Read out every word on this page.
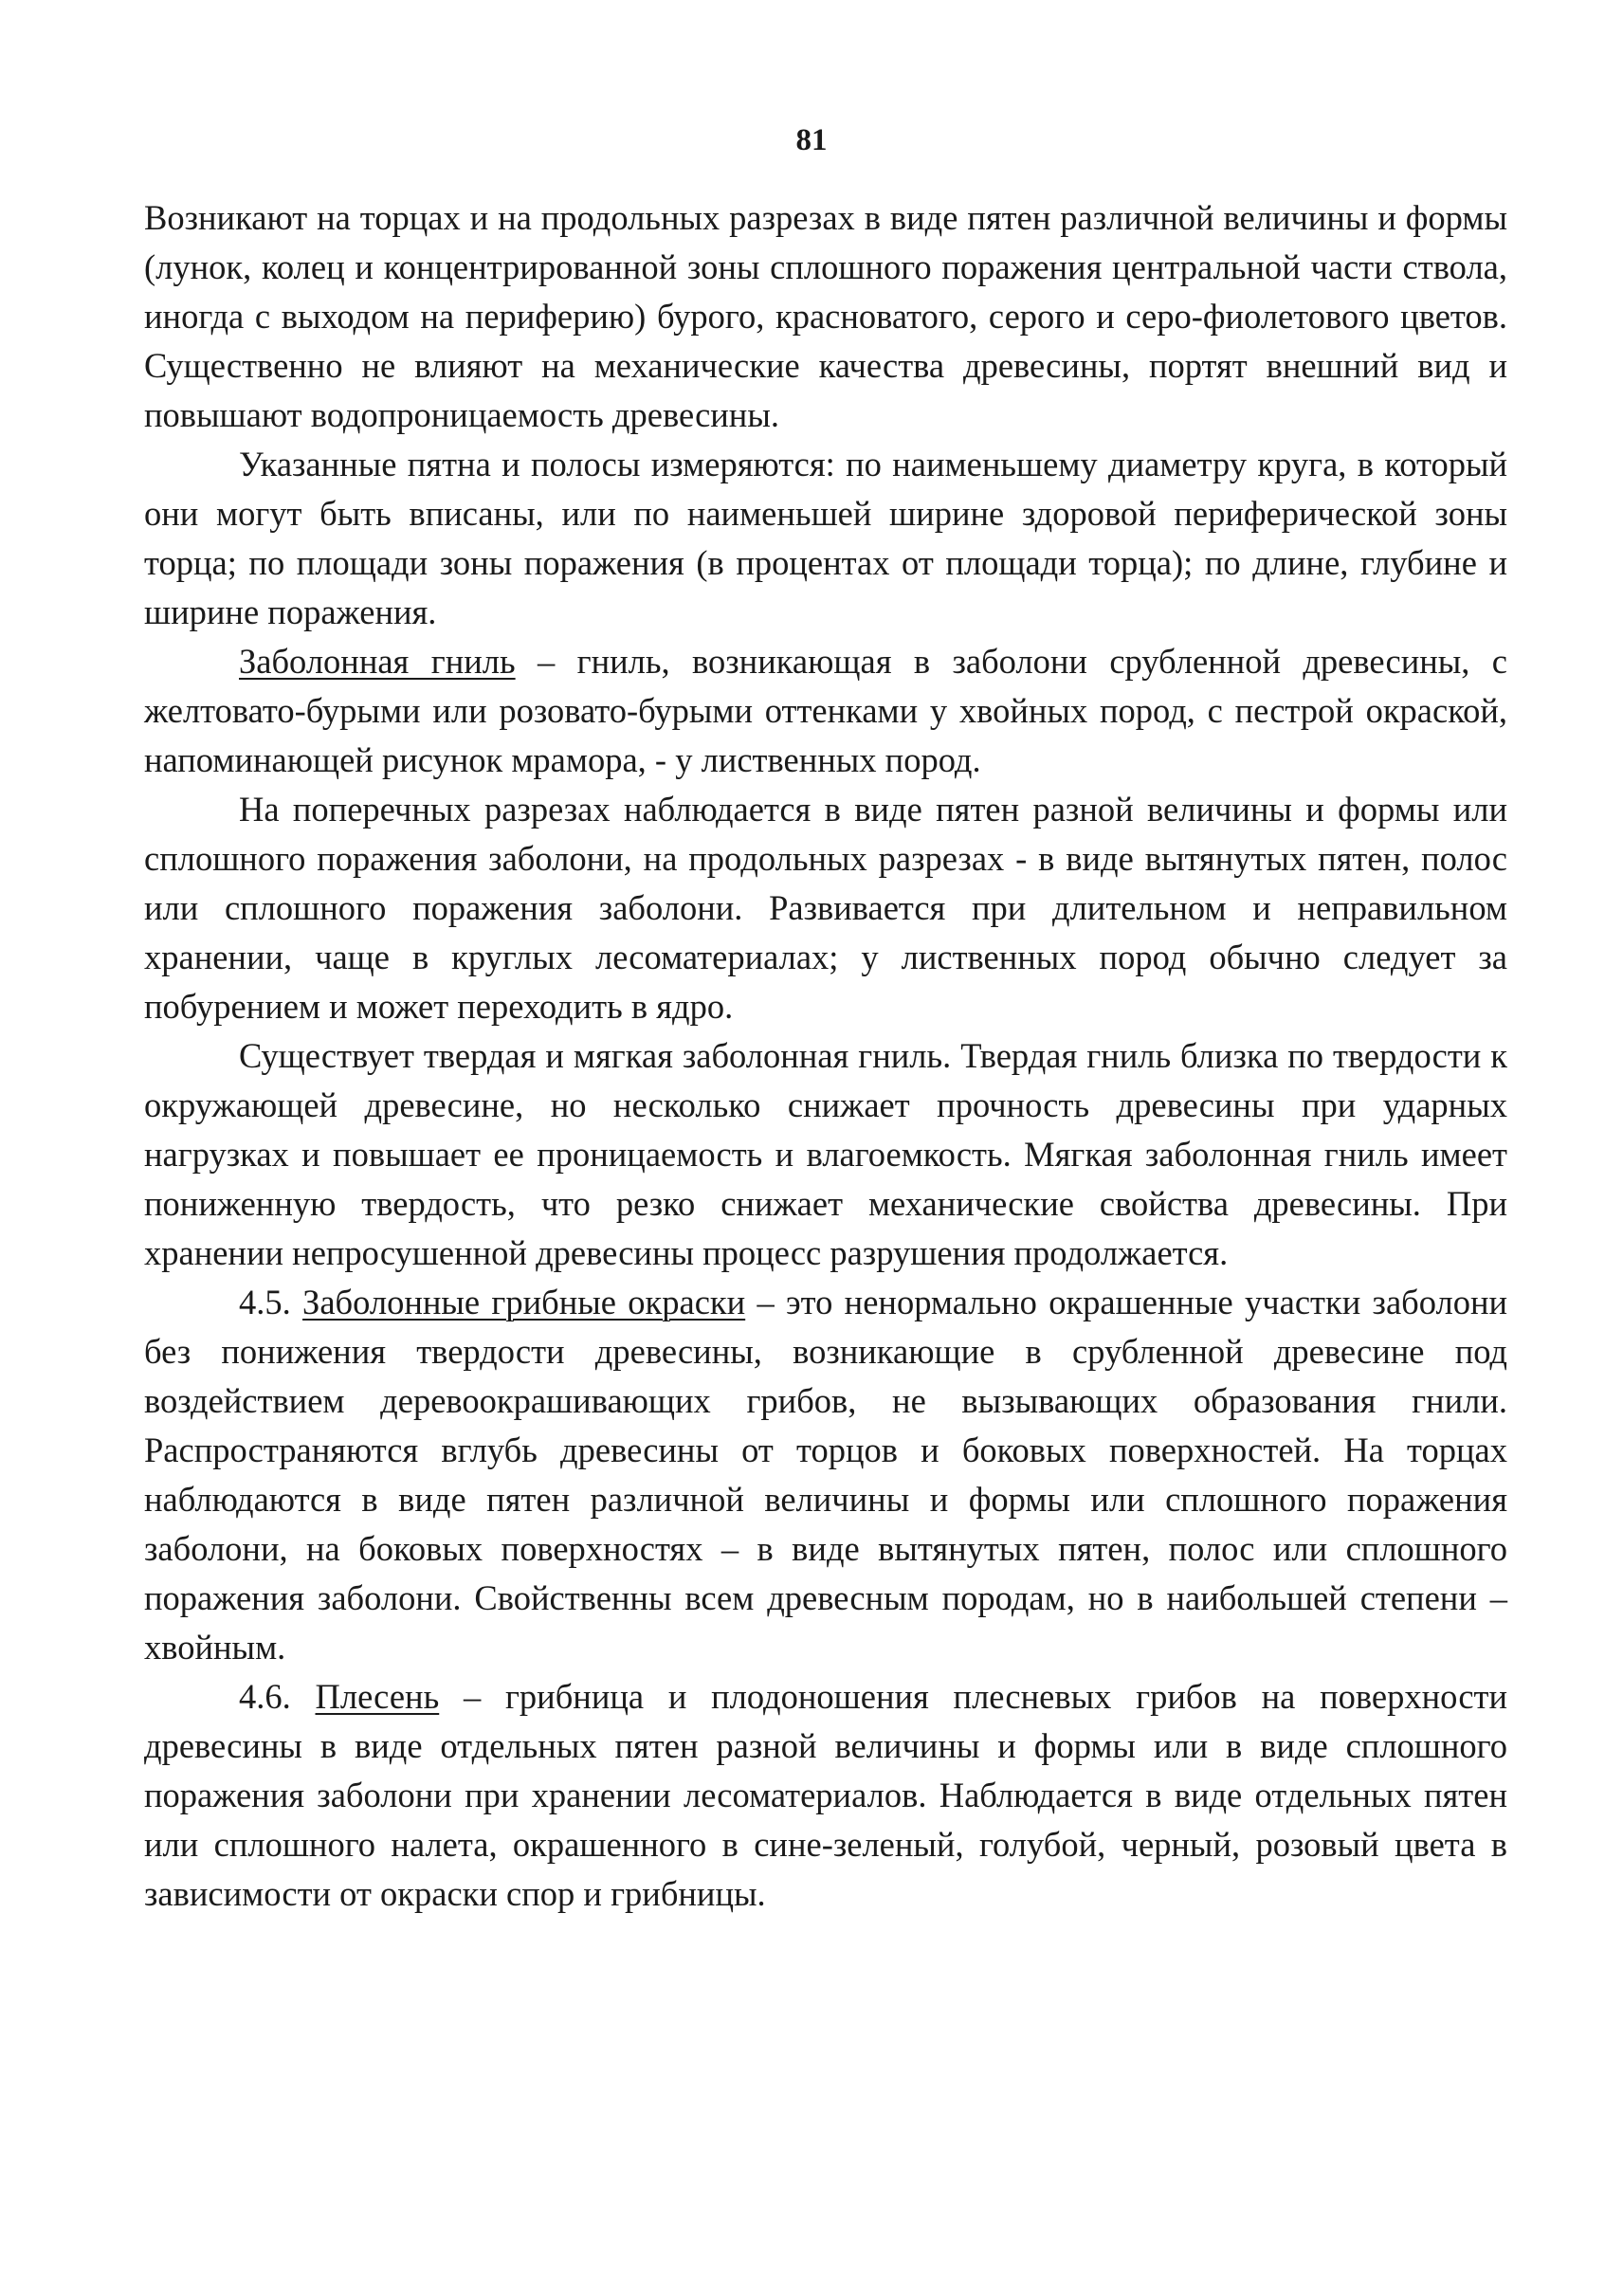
81

Возникают на торцах и на продольных разрезах в виде пятен различной величины и формы (лунок, колец и концентрированной зоны сплошного поражения центральной части ствола, иногда с выходом на периферию) бурого, красноватого, серого и серо-фиолетового цветов. Существенно не влияют на механические качества древесины, портят внешний вид и повышают водопроницаемость древесины.

Указанные пятна и полосы измеряются: по наименьшему диаметру круга, в который они могут быть вписаны, или по наименьшей ширине здоровой периферической зоны торца; по площади зоны поражения (в процентах от площади торца); по длине, глубине и ширине поражения.

Заболонная гниль – гниль, возникающая в заболони срубленной древесины, с желтовато-бурыми или розовато-бурыми оттенками у хвойных пород, с пестрой окраской, напоминающей рисунок мрамора, - у лиственных пород.

На поперечных разрезах наблюдается в виде пятен разной величины и формы или сплошного поражения заболони, на продольных разрезах - в виде вытянутых пятен, полос или сплошного поражения заболони. Развивается при длительном и неправильном хранении, чаще в круглых лесоматериалах; у лиственных пород обычно следует за побурением и может переходить в ядро.

Существует твердая и мягкая заболонная гниль. Твердая гниль близка по твердости к окружающей древесине, но несколько снижает прочность древесины при ударных нагрузках и повышает ее проницаемость и влагоемкость. Мягкая заболонная гниль имеет пониженную твердость, что резко снижает механические свойства древесины. При хранении непросушенной древесины процесс разрушения продолжается.

4.5. Заболонные грибные окраски – это ненормально окрашенные участки заболони без понижения твердости древесины, возникающие в срубленной древесине под воздействием деревоокрашивающих грибов, не вызывающих образования гнили. Распространяются вглубь древесины от торцов и боковых поверхностей. На торцах наблюдаются в виде пятен различной величины и формы или сплошного поражения заболони, на боковых поверхностях – в виде вытянутых пятен, полос или сплошного поражения заболони. Свойственны всем древесным породам, но в наибольшей степени – хвойным.

4.6. Плесень – грибница и плодоношения плесневых грибов на поверхности древесины в виде отдельных пятен разной величины и формы или в виде сплошного поражения заболони при хранении лесоматериалов. Наблюдается в виде отдельных пятен или сплошного налета, окрашенного в сине-зеленый, голубой, черный, розовый цвета в зависимости от окраски спор и грибницы.
